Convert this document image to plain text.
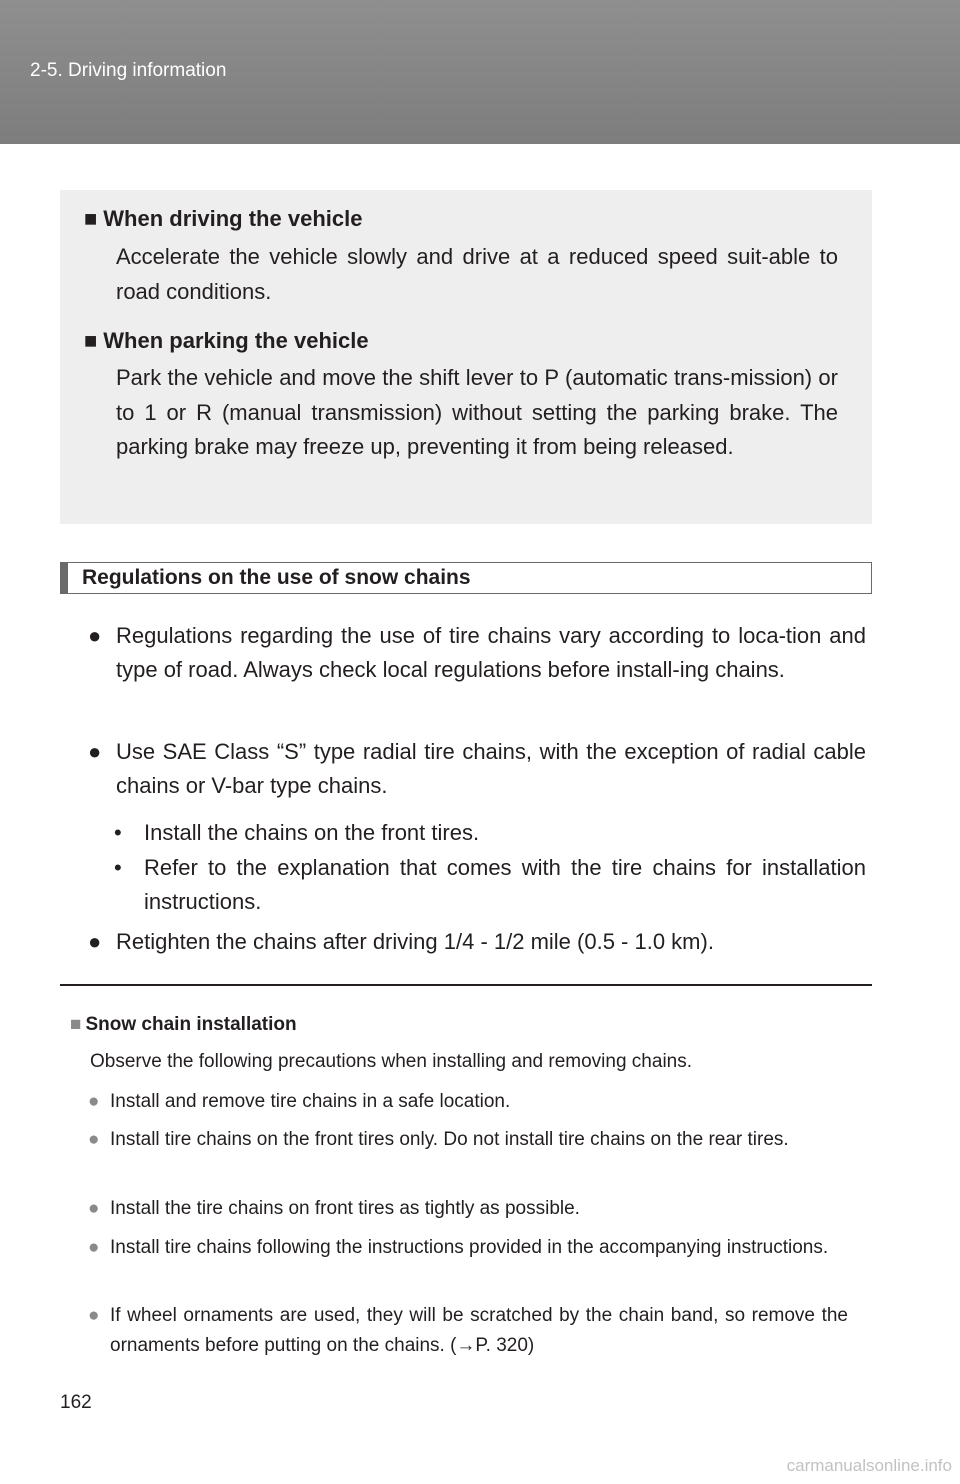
2-5. Driving information
■ When driving the vehicle
Accelerate the vehicle slowly and drive at a reduced speed suit-able to road conditions.
■ When parking the vehicle
Park the vehicle and move the shift lever to P (automatic trans-mission) or to 1 or R (manual transmission) without setting the parking brake. The parking brake may freeze up, preventing it from being released.
Regulations on the use of snow chains
● Regulations regarding the use of tire chains vary according to loca-tion and type of road. Always check local regulations before install-ing chains.
● Use SAE Class “S” type radial tire chains, with the exception of radial cable chains or V-bar type chains.
• Install the chains on the front tires.
• Refer to the explanation that comes with the tire chains for installation instructions.
● Retighten the chains after driving 1/4 - 1/2 mile (0.5 - 1.0 km).
■ Snow chain installation
Observe the following precautions when installing and removing chains.
● Install and remove tire chains in a safe location.
● Install tire chains on the front tires only. Do not install tire chains on the rear tires.
● Install the tire chains on front tires as tightly as possible.
● Install tire chains following the instructions provided in the accompanying instructions.
● If wheel ornaments are used, they will be scratched by the chain band, so remove the ornaments before putting on the chains. (→P. 320)
162
carmanualsonline.info
